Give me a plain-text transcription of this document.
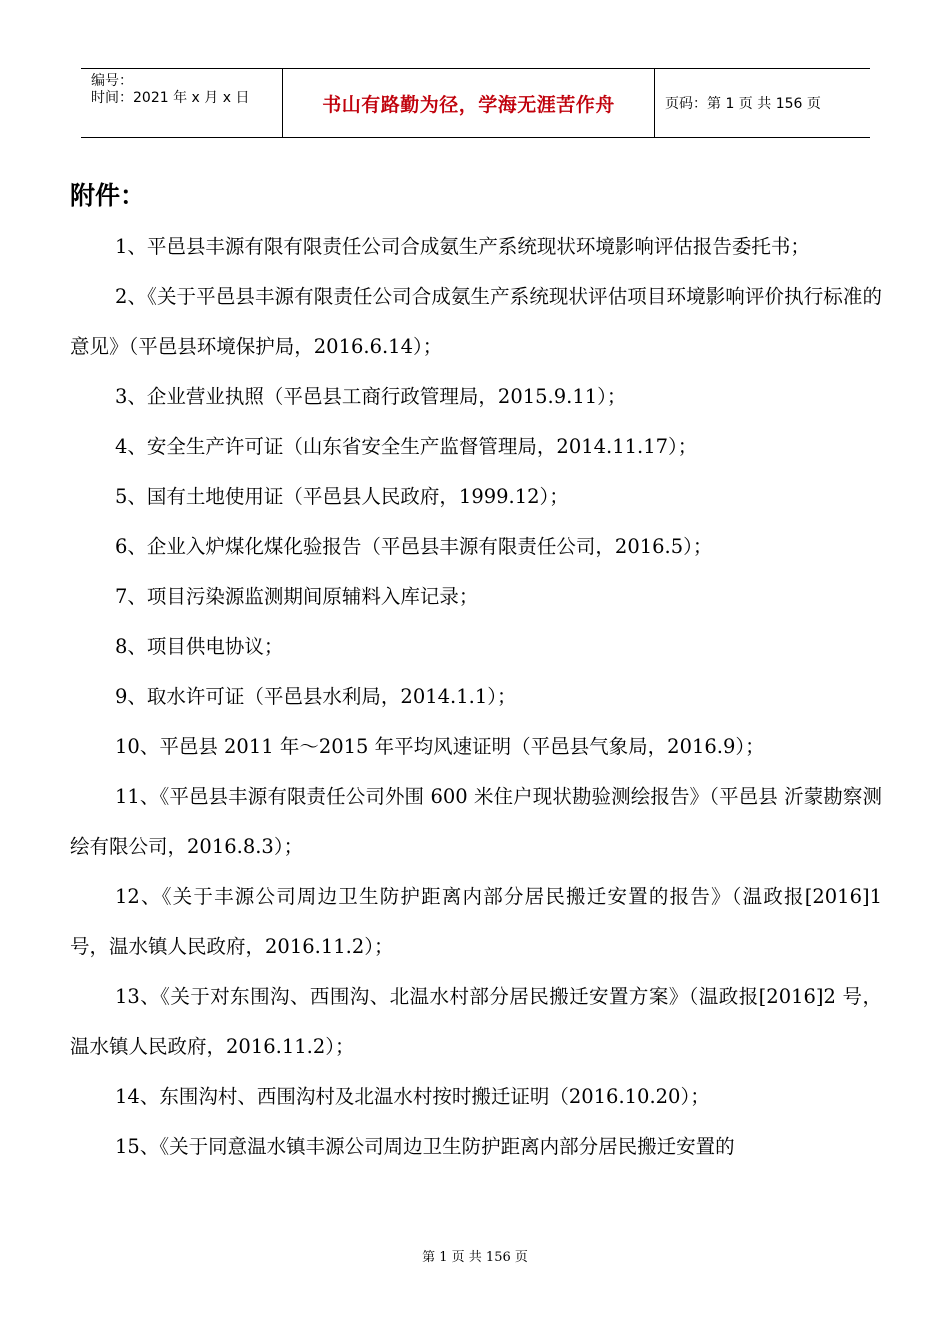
编号：
时间：2021 年 x 月 x 日	书山有路勤为径，学海无涯苦作舟	页码：第 1 页 共 156 页
附件：

1、平邑县丰源有限有限责任公司合成氨生产系统现状环境影响评估报告委托书；

2、《关于平邑县丰源有限责任公司合成氨生产系统现状评估项目环境影响评价执行标准的意见》（平邑县环境保护局，2016.6.14）；

3、企业营业执照（平邑县工商行政管理局，2015.9.11）；

4、安全生产许可证（山东省安全生产监督管理局，2014.11.17）；

5、国有土地使用证（平邑县人民政府，1999.12）；

6、企业入炉煤化煤化验报告（平邑县丰源有限责任公司，2016.5）；

7、项目污染源监测期间原辅料入库记录；

8、项目供电协议；

9、取水许可证（平邑县水利局，2014.1.1）；

10、平邑县 2011 年～2015 年平均风速证明（平邑县气象局，2016.9）；

11、《平邑县丰源有限责任公司外围 600 米住户现状勘验测绘报告》（平邑县 沂蒙勘察测绘有限公司，2016.8.3）；

12、《关于丰源公司周边卫生防护距离内部分居民搬迁安置的报告》（温政报[2016]1 号，温水镇人民政府，2016.11.2）；

13、《关于对东围沟、西围沟、北温水村部分居民搬迁安置方案》（温政报[2016]2 号，温水镇人民政府，2016.11.2）；

14、东围沟村、西围沟村及北温水村按时搬迁证明（2016.10.20）；

15、《关于同意温水镇丰源公司周边卫生防护距离内部分居民搬迁安置的

第 1 页 共 156 页
